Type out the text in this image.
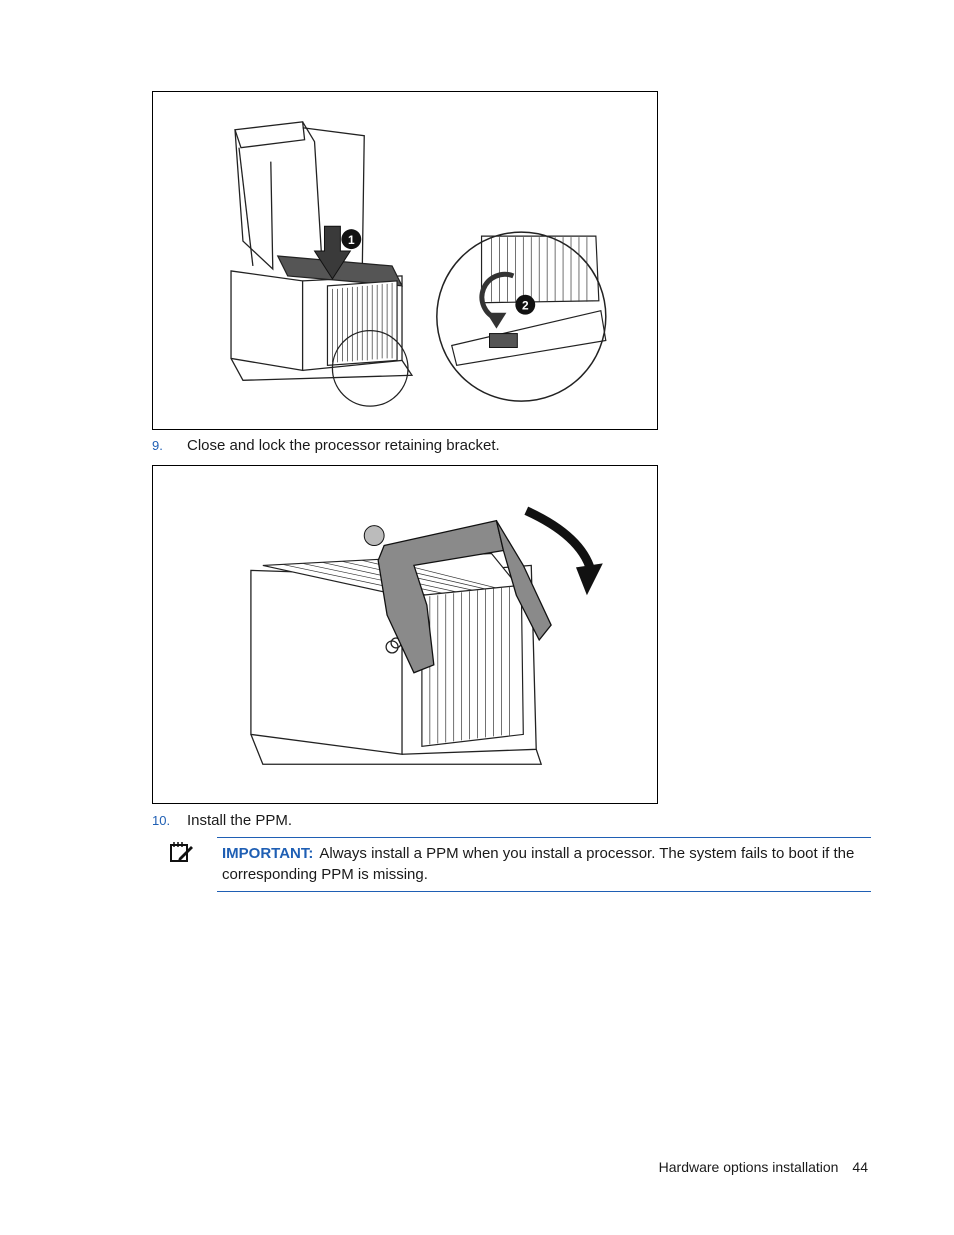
1
2
9. Close and lock the processor retaining bracket.
10. Install the PPM.
IMPORTANT: Always install a PPM when you install a processor. The system fails to boot if the corresponding PPM is missing.
Hardware options installation 44
